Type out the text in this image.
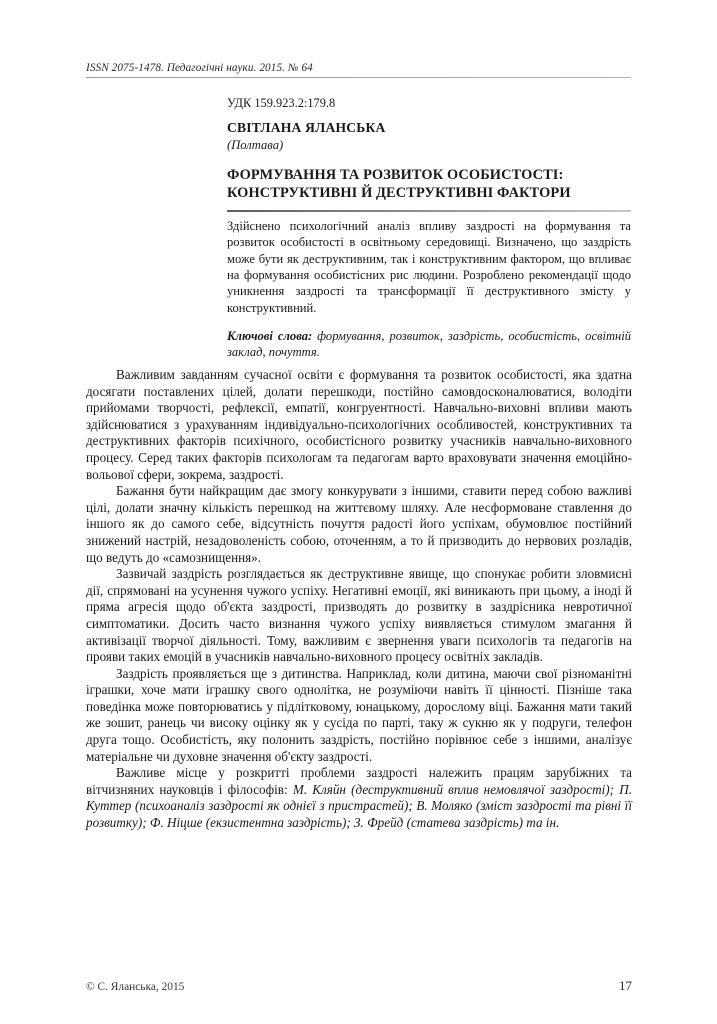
ISSN 2075-1478. Педагогічні науки. 2015. № 64

УДК 159.923.2:179.8

СВІТЛАНА ЯЛАНСЬКА

(Полтава)

ФОРМУВАННЯ ТА РОЗВИТОК ОСОБИСТОСТІ: КОНСТРУКТИВНІ Й ДЕСТРУКТИВНІ ФАКТОРИ

Здійснено психологічний аналіз впливу заздрості на формування та розвиток особистості в освітньому середовищі. Визначено, що заздрість може бути як деструктивним, так і конструктивним фактором, що впливає на формування особистісних рис людини. Розроблено рекомендації щодо уникнення заздрості та трансформації її деструктивного змісту у конструктивний.

Ключові слова: формування, розвиток, заздрість, особистість, освітній заклад, почуття.

Важливим завданням сучасної освіти є формування та розвиток особистості, яка здатна досягати поставлених цілей, долати перешкоди, постійно самовдосконалюватися, володіти прийомами творчості, рефлексії, емпатії, конгруентності. Навчально-виховні впливи мають здійснюватися з урахуванням індивідуально-психологічних особливостей, конструктивних та деструктивних факторів психічного, особистісного розвитку учасників навчально-виховного процесу. Серед таких факторів психологам та педагогам варто враховувати значення емоційно-вольової сфери, зокрема, заздрості.

Бажання бути найкращим дає змогу конкурувати з іншими, ставити перед собою важливі цілі, долати значну кількість перешкод на життєвому шляху. Але несформоване ставлення до іншого як до самого себе, відсутність почуття радості його успіхам, обумовлює постійний знижений настрій, незадоволеність собою, оточенням, а то й призводить до нервових розладів, що ведуть до «самознищення».

Зазвичай заздрість розглядається як деструктивне явище, що спонукає робити зловмисні дії, спрямовані на усунення чужого успіху. Негативні емоції, які виникають при цьому, а іноді й пряма агресія щодо об'єкта заздрості, призводять до розвитку в заздрісника невротичної симптоматики. Досить часто визнання чужого успіху виявляється стимулом змагання й активізації творчої діяльності. Тому, важливим є звернення уваги психологів та педагогів на прояви таких емоцій в учасників навчально-виховного процесу освітніх закладів.

Заздрість проявляється ще з дитинства. Наприклад, коли дитина, маючи свої різноманітні іграшки, хоче мати іграшку свого однолітка, не розуміючи навіть її цінності. Пізніше така поведінка може повторюватись у підлітковому, юнацькому, дорослому віці. Бажання мати такий же зошит, ранець чи високу оцінку як у сусіда по парті, таку ж сукню як у подруги, телефон друга тощо. Особистість, яку полонить заздрість, постійно порівнює себе з іншими, аналізує матеріальне чи духовне значення об'єкту заздрості.

Важливе місце у розкритті проблеми заздрості належить працям зарубіжних та вітчизняних науковців і філософів: М. Кляйн (деструктивний вплив немовлячої заздрості); П. Куттер (психоаналіз заздрості як однієї з пристрастей); В. Моляко (зміст заздрості та рівні її розвитку); Ф. Ніцше (екзистентна заздрість); З. Фрейд (статева заздрість) та ін.

© С. Яланська, 2015	17
